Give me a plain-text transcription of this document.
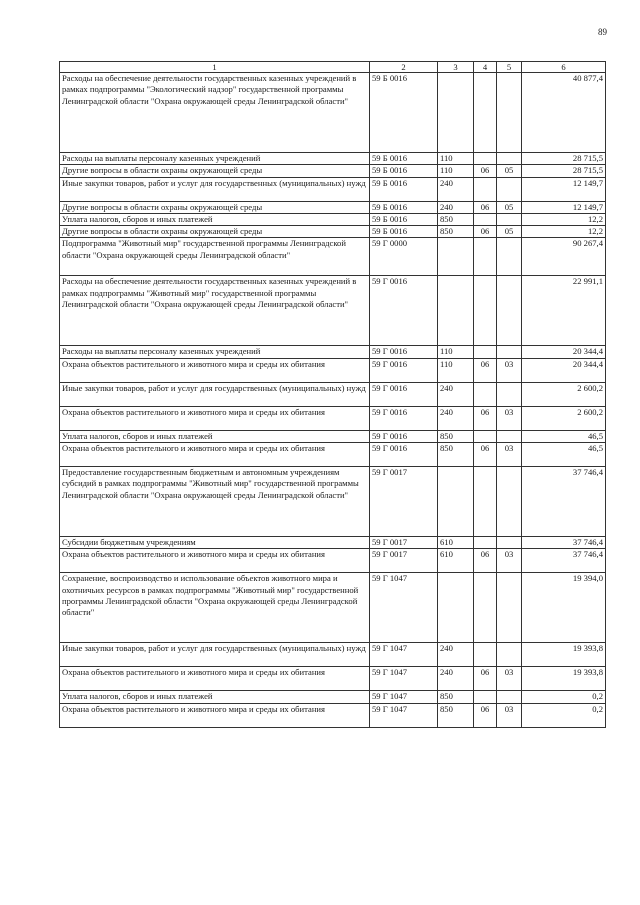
89
1	2	3	4	5	6
Расходы на обеспечение деятельности государственных казенных учреждений в рамках подпрограммы "Экологический надзор" государственной программы Ленинградской области "Охрана окружающей среды Ленинградской области"	59 Б 0016				40 877,4
Расходы на выплаты персоналу казенных учреждений	59 Б 0016	110			28 715,5
Другие вопросы в области охраны окружающей среды	59 Б 0016	110	06	05	28 715,5
Иные закупки товаров, работ и услуг для государственных (муниципальных) нужд	59 Б 0016	240			12 149,7
Другие вопросы в области охраны окружающей среды	59 Б 0016	240	06	05	12 149,7
Уплата налогов, сборов и иных платежей	59 Б 0016	850			12,2
Другие вопросы в области охраны окружающей среды	59 Б 0016	850	06	05	12,2
Подпрограмма "Животный мир" государственной программы Ленинградской области "Охрана окружающей среды Ленинградской области"	59 Г 0000				90 267,4
Расходы на обеспечение деятельности государственных казенных учреждений в рамках подпрограммы "Животный мир" государственной программы Ленинградской области "Охрана окружающей среды Ленинградской области"	59 Г 0016				22 991,1
Расходы на выплаты персоналу казенных учреждений	59 Г 0016	110			20 344,4
Охрана объектов растительного и животного мира и среды их обитания	59 Г 0016	110	06	03	20 344,4
Иные закупки товаров, работ и услуг для государственных (муниципальных) нужд	59 Г 0016	240			2 600,2
Охрана объектов растительного и животного мира и среды их обитания	59 Г 0016	240	06	03	2 600,2
Уплата налогов, сборов и иных платежей	59 Г 0016	850			46,5
Охрана объектов растительного и животного мира и среды их обитания	59 Г 0016	850	06	03	46,5
Предоставление государственным бюджетным и автономным учреждениям субсидий в рамках подпрограммы "Животный мир" государственной программы Ленинградской области "Охрана окружающей среды Ленинградской области"	59 Г 0017				37 746,4
Субсидии бюджетным учреждениям	59 Г 0017	610			37 746,4
Охрана объектов растительного и животного мира и среды их обитания	59 Г 0017	610	06	03	37 746,4
Сохранение, воспроизводство и использование объектов животного мира и охотничьих ресурсов в рамках подпрограммы "Животный мир" государственной программы Ленинградской области "Охрана окружающей среды Ленинградской области"	59 Г 1047				19 394,0
Иные закупки товаров, работ и услуг для государственных (муниципальных) нужд	59 Г 1047	240			19 393,8
Охрана объектов растительного и животного мира и среды их обитания	59 Г 1047	240	06	03	19 393,8
Уплата налогов, сборов и иных платежей	59 Г 1047	850			0,2
Охрана объектов растительного и животного мира и среды их обитания	59 Г 1047	850	06	03	0,2
